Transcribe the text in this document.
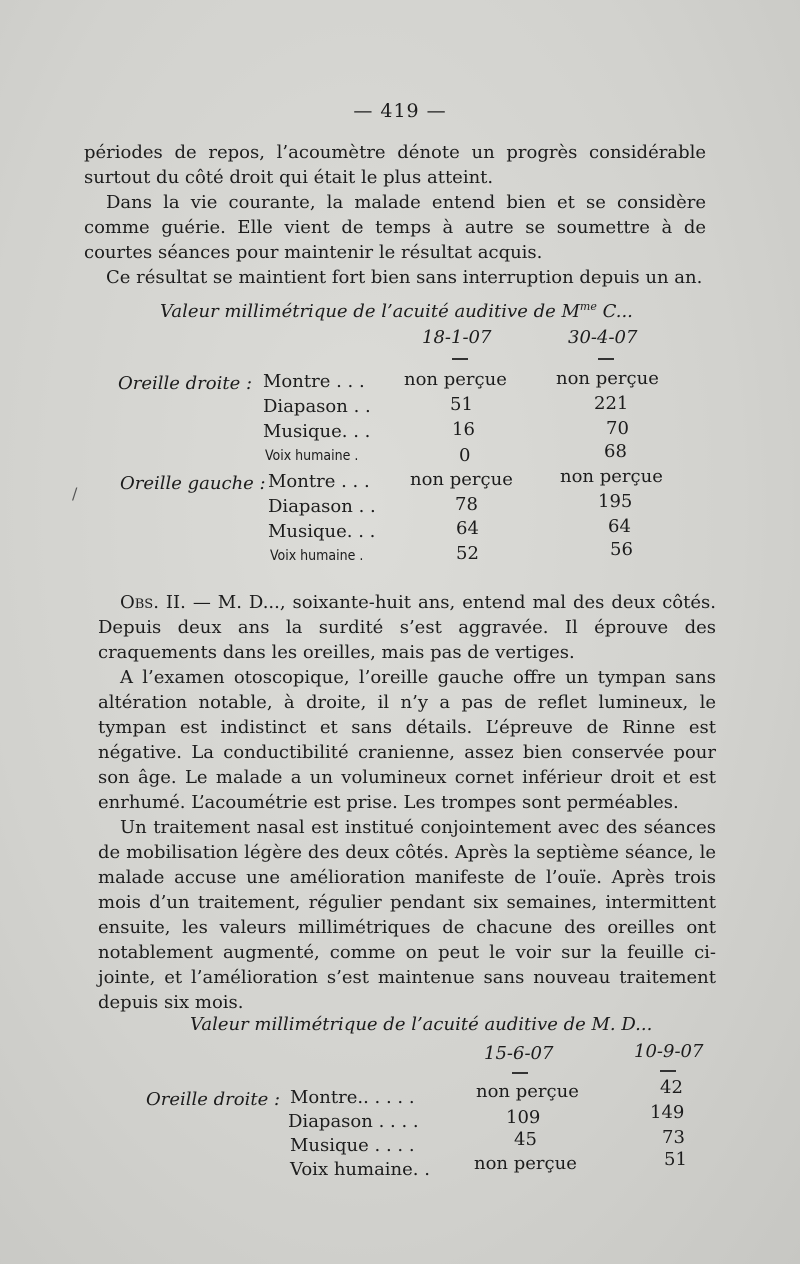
— 419 —

périodes de repos, l’acoumètre dénote un progrès considérable surtout du côté droit qui était le plus atteint.

Dans la vie courante, la malade entend bien et se considère comme guérie. Elle vient de temps à autre se soumettre à de courtes séances pour maintenir le résultat acquis.

Ce résultat se maintient fort bien sans interruption depuis un an.

Valeur millimétrique de l’acuité auditive de $M^{me}$ C...
18-1-07	30-4-07
Oreille droite : Montre . . . non perçue	non perçue
Diapason . .	51	221
Musique. . .	16	70
Voix humaine .	0	68
Oreille gauche : Montre . . . non perçue	non perçue
Diapason . .	78	195
Musique. . .	64	64
Voix humaine .	52	56
/

Obs. II. — M. D..., soixante-huit ans, entend mal des deux côtés. Depuis deux ans la surdité s’est aggravée. Il éprouve des craquements dans les oreilles, mais pas de vertiges.

A l’examen otoscopique, l’oreille gauche offre un tympan sans altération notable, à droite, il n’y a pas de reflet lumineux, le tympan est indistinct et sans détails. L’épreuve de Rinne est négative. La conductibilité cranienne, assez bien conservée pour son âge. Le malade a un volumineux cornet inférieur droit et est enrhumé. L’acoumétrie est prise. Les trompes sont perméables.

Un traitement nasal est institué conjointement avec des séances de mobilisation légère des deux côtés. Après la septième séance, le malade accuse une amélioration manifeste de l’ouïe. Après trois mois d’un traitement, régulier pendant six semaines, intermittent ensuite, les valeurs millimétriques de chacune des oreilles ont notablement augmenté, comme on peut le voir sur la feuille ci-jointe, et l’amélioration s’est maintenue sans nouveau traitement depuis six mois.

Valeur millimétrique de l’acuité auditive de M. D...
15-6-07	10-9-07
Oreille droite : Montre.. . . . .	non perçue	42
Diapason . . . .	109	149
Musique . . . .	45	73
Voix humaine. . non perçue	51
